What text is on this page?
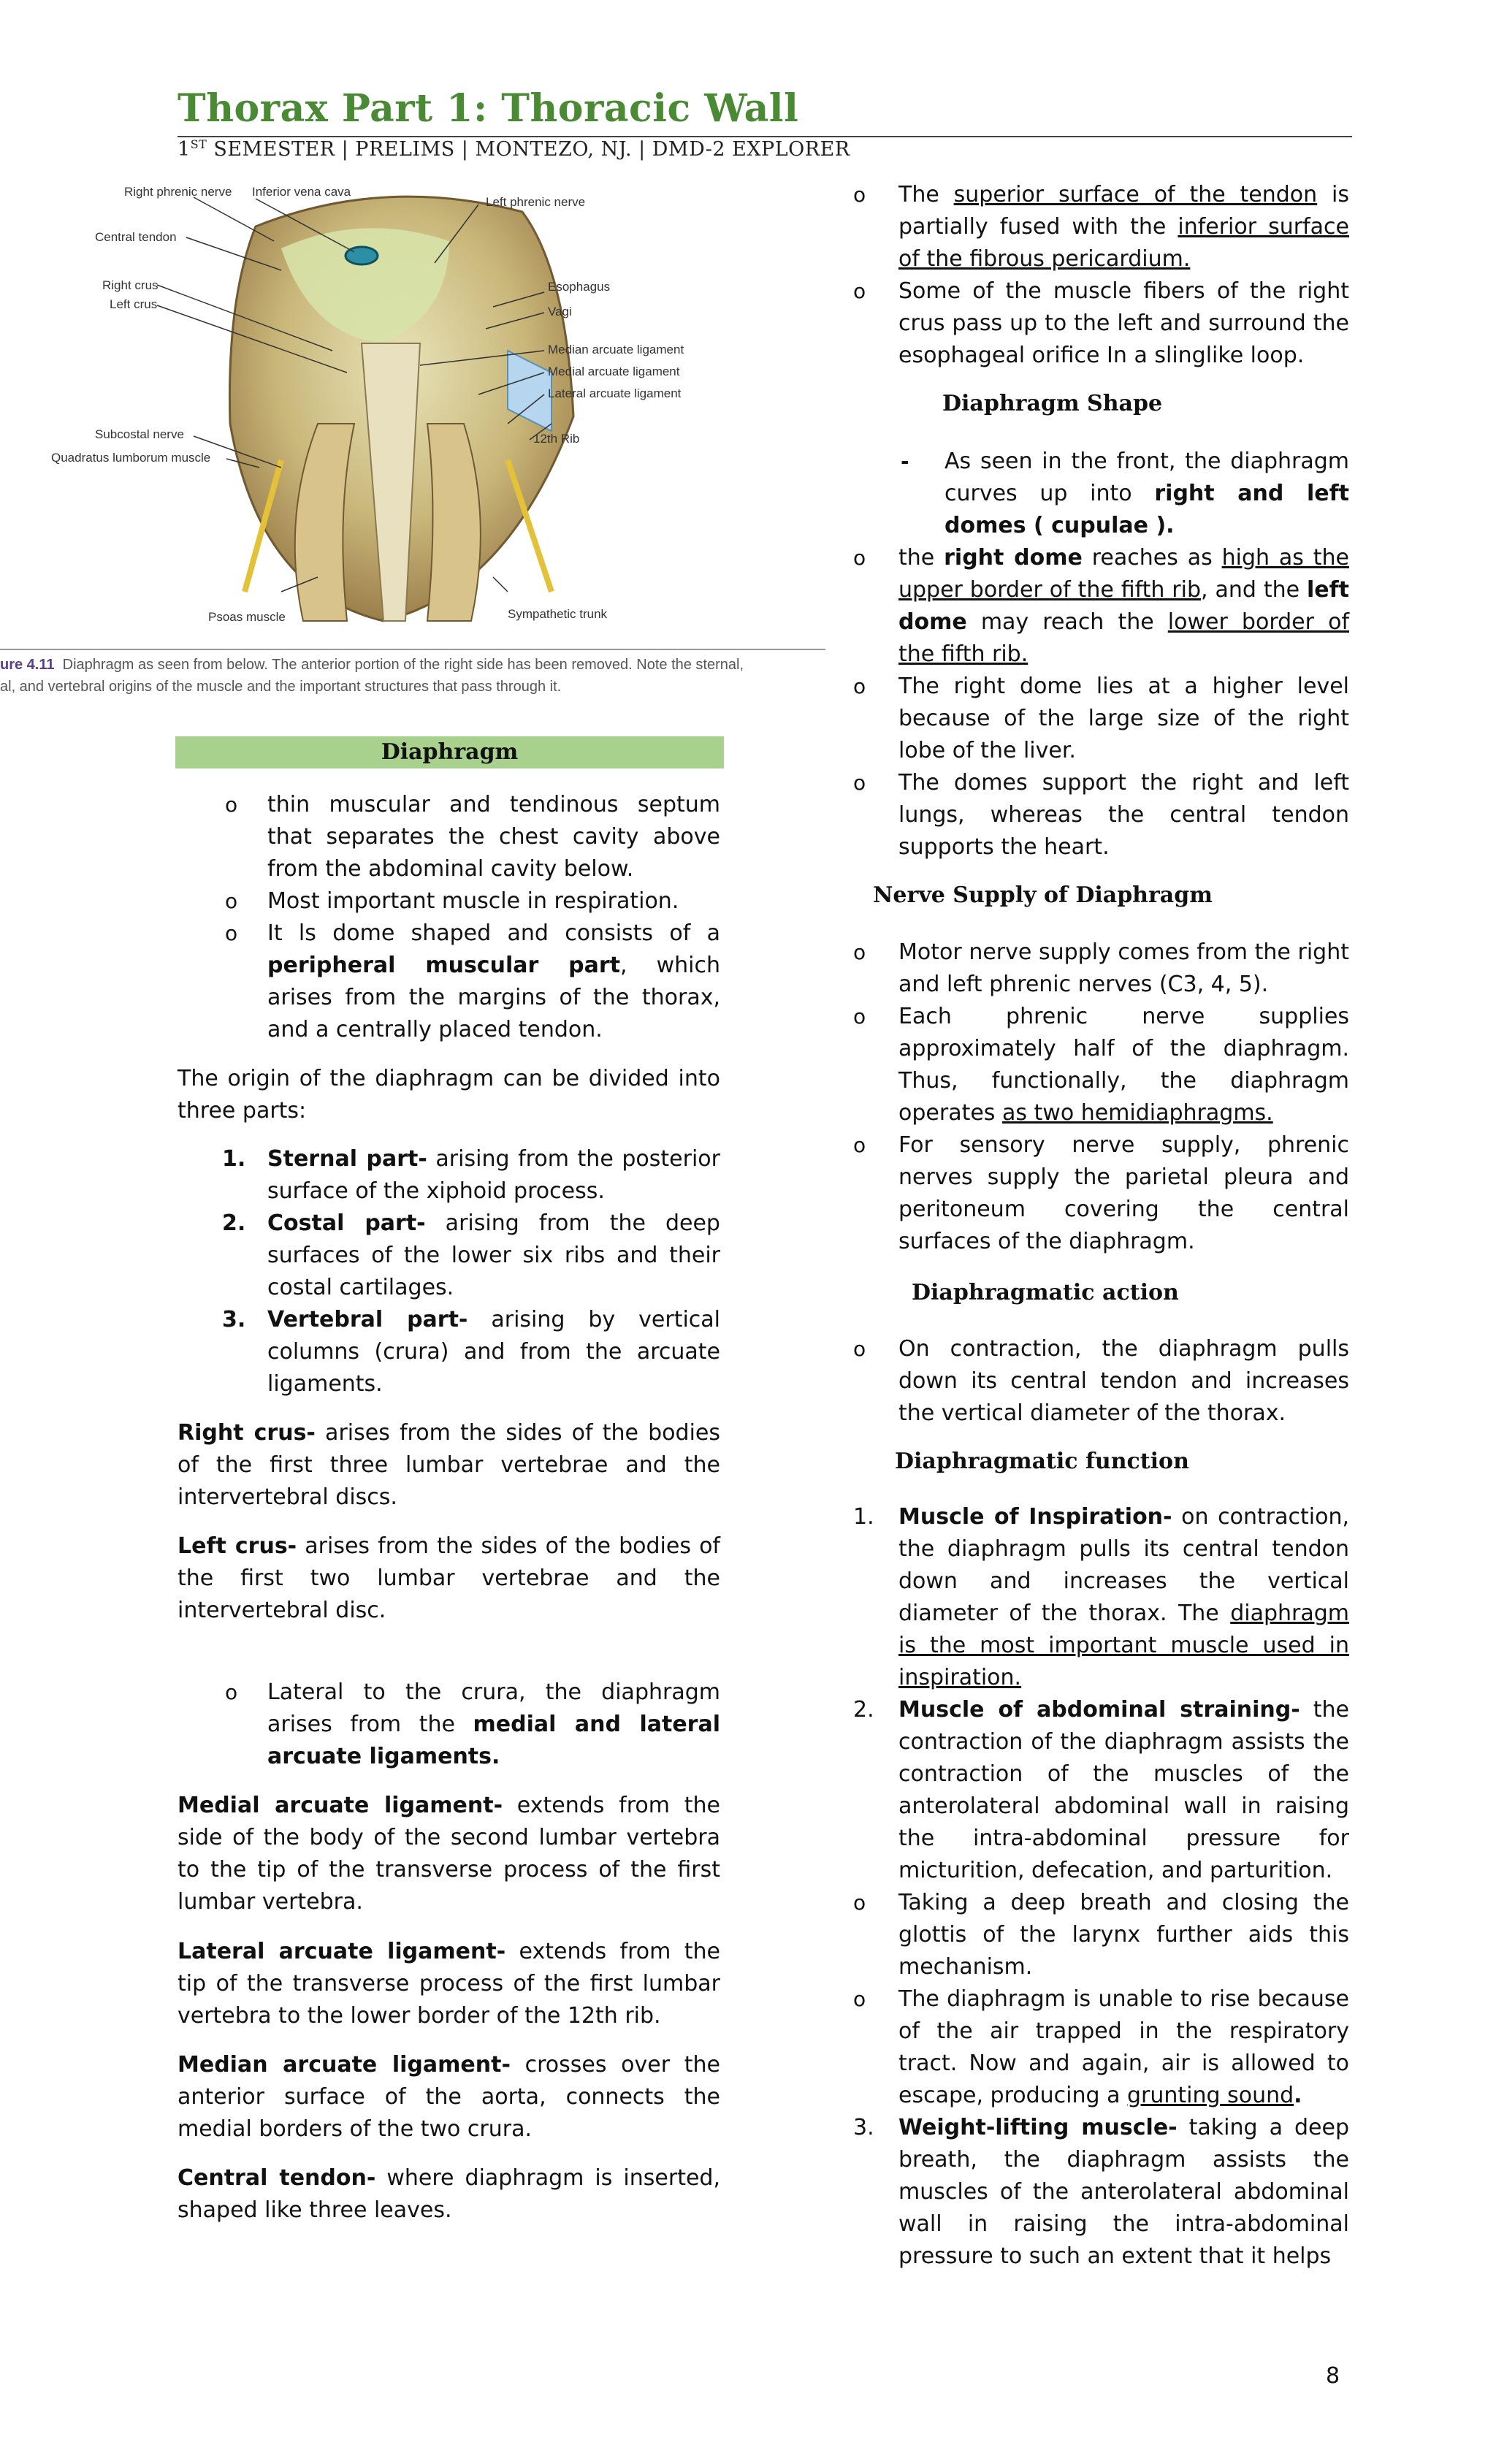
Thorax Part 1: Thoracic Wall
1ST SEMESTER | PRELIMS | MONTEZO, NJ. | DMD-2 EXPLORER
Right phrenic nerve Inferior vena cava
Left phrenic nerve
Central tendon
Esophagus
Vagi
Right crus
Left crus
Median arcuate ligament
Medial arcuate ligament
Lateral arcuate ligament
Subcostal nerve	12th Rib
Quadratus lumborum muscle
Psoas muscle	Sympathetic trunk
ure 4.11 Diaphragm as seen from below. The anterior portion of the right side has been removed. Note the sternal,
al, and vertebral origins of the muscle and the important structures that pass through it.
Diaphragm
o thin muscular and tendinous septum that separates the chest cavity above from the abdominal cavity below.

o Most important muscle in respiration.

o It ls dome shaped and consists of a peripheral muscular part, which arises from the margins of the thorax, and a centrally placed tendon.

The origin of the diaphragm can be divided into three parts:
1. Sternal part- arising from the posterior surface of the xiphoid process.

2. Costal part- arising from the deep surfaces of the lower six ribs and their costal cartilages.

3. Vertebral part- arising by vertical columns (crura) and from the arcuate ligaments.

Right crus- arises from the sides of the bodies of the first three lumbar vertebrae and the intervertebral discs.

Left crus- arises from the sides of the bodies of the first two lumbar vertebrae and the intervertebral disc.

o Lateral to the crura, the diaphragm arises from the medial and lateral arcuate ligaments.

Medial arcuate ligament- extends from the side of the body of the second lumbar vertebra to the tip of the transverse process of the first lumbar vertebra.

Lateral arcuate ligament- extends from the tip of the transverse process of the first lumbar vertebra to the lower border of the 12th rib.

Median arcuate ligament- crosses over the anterior surface of the aorta, connects the medial borders of the two crura.

Central tendon- where diaphragm is inserted, shaped like three leaves.

o The superior surface of the tendon is partially fused with the inferior surface of the fibrous pericardium.

o Some of the muscle fibers of the right crus pass up to the left and surround the esophageal orifice In a slinglike loop.

Diaphragm Shape
- As seen in the front, the diaphragm curves up into right and left domes ( cupulae ).

o the right dome reaches as high as the upper border of the fifth rib, and the left dome may reach the lower border of the fifth rib.

o The right dome lies at a higher level because of the large size of the right lobe of the liver.

o The domes support the right and left lungs, whereas the central tendon supports the heart.

Nerve Supply of Diaphragm
o Motor nerve supply comes from the right and left phrenic nerves (C3, 4, 5).

o Each phrenic nerve supplies approximately half of the diaphragm. Thus, functionally, the diaphragm operates as two hemidiaphragms.

o For sensory nerve supply, phrenic nerves supply the parietal pleura and peritoneum covering the central surfaces of the diaphragm.

Diaphragmatic action
o On contraction, the diaphragm pulls down its central tendon and increases the vertical diameter of the thorax.

Diaphragmatic function
1. Muscle of Inspiration- on contraction, the diaphragm pulls its central tendon down and increases the vertical diameter of the thorax. The diaphragm is the most important muscle used in inspiration.

2. Muscle of abdominal straining- the contraction of the diaphragm assists the contraction of the muscles of the anterolateral abdominal wall in raising the intra-abdominal pressure for micturition, defecation, and parturition.

o Taking a deep breath and closing the glottis of the larynx further aids this mechanism.

o The diaphragm is unable to rise because of the air trapped in the respiratory tract. Now and again, air is allowed to escape, producing a grunting sound.

3. Weight-lifting muscle- taking a deep breath, the diaphragm assists the muscles of the anterolateral abdominal wall in raising the intra-abdominal pressure to such an extent that it helps

8
